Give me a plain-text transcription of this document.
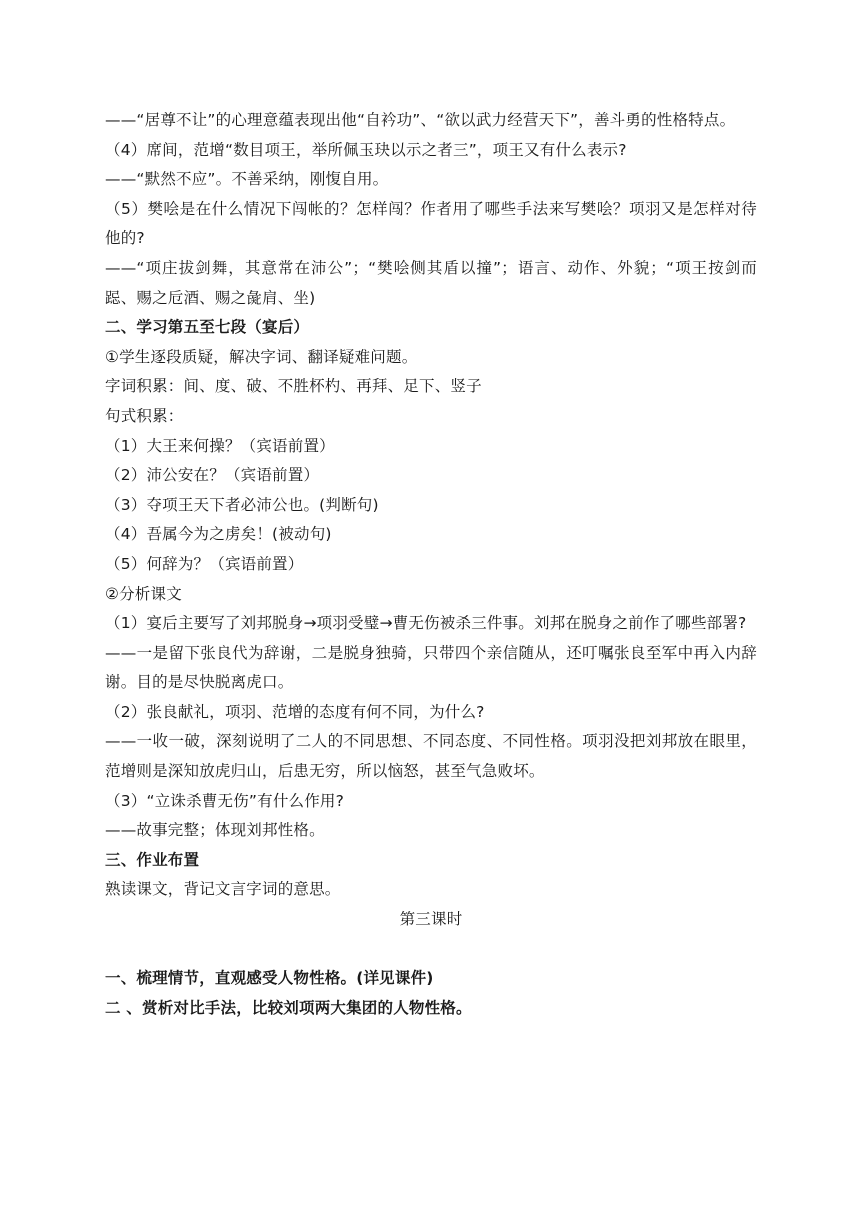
——“居尊不让”的心理意蕴表现出他“自衿功”、“欲以武力经营天下”，善斗勇的性格特点。

（4）席间，范增“数目项王，举所佩玉玦以示之者三”，项王又有什么表示?

——“默然不应”。不善采纳，刚愎自用。

（5）樊哙是在什么情况下闯帐的？怎样闯？作者用了哪些手法来写樊哙？项羽又是怎样对待他的?

——“项庄拔剑舞，其意常在沛公”；“樊哙侧其盾以撞”；语言、动作、外貌；“项王按剑而跽、赐之卮酒、赐之彘肩、坐)

二、学习第五至七段（宴后）

①学生逐段质疑，解决字词、翻译疑难问题。

字词积累：间、度、破、不胜杯杓、再拜、足下、竖子

句式积累：

（1）大王来何操？（宾语前置）

（2）沛公安在？（宾语前置）

（3）夺项王天下者必沛公也。(判断句)

（4）吾属今为之虏矣！(被动句)

（5）何辞为？（宾语前置）

②分析课文

（1）宴后主要写了刘邦脱身→项羽受璧→曹无伤被杀三件事。刘邦在脱身之前作了哪些部署?

——一是留下张良代为辞谢，二是脱身独骑，只带四个亲信随从，还叮嘱张良至军中再入内辞谢。目的是尽快脱离虎口。

（2）张良献礼，项羽、范增的态度有何不同，为什么?

——一收一破，深刻说明了二人的不同思想、不同态度、不同性格。项羽没把刘邦放在眼里，范增则是深知放虎归山，后患无穷，所以恼怒，甚至气急败坏。

（3）“立诛杀曹无伤”有什么作用?

——故事完整；体现刘邦性格。

三、作业布置

熟读课文，背记文言字词的意思。

第三课时

一、梳理情节，直观感受人物性格。(详见课件)

二 、赏析对比手法，比较刘项两大集团的人物性格。
